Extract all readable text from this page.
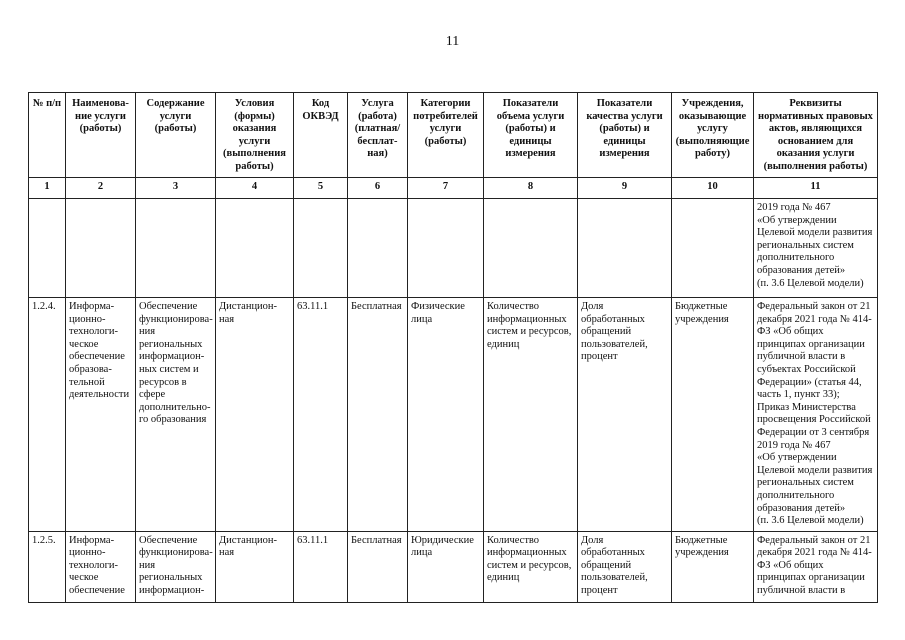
11
№ п/п	Наименова-ние услуги (работы)	Содержание услуги (работы)	Условия (формы) оказания услуги (выполнения работы)	Код ОКВЭД	Услуга (работа) (платная/ бесплат-ная)	Категории потребителей услуги (работы)	Показатели объема услуги (работы) и единицы измерения	Показатели качества услуги (работы) и единицы измерения	Учреждения, оказывающие услугу (выполняющие работу)	Реквизиты нормативных правовых актов, являющихся основанием для оказания услуги (выполнения работы)
1	2	3	4	5	6	7	8	9	10	11
										2019 года № 467
«Об утверждении Целевой модели развития региональных систем дополнительного образования детей»
(п. 3.6 Целевой модели)
1.2.4.	Информа-ционно-технологи-ческое обеспечение образова-тельной деятельности	Обеспечение функционирова-ния региональных информацион-ных систем и ресурсов в сфере дополнительно-го образования	Дистанцион-ная	63.11.1	Бесплатная	Физические лица	Количество информационных систем и ресурсов, единиц	Доля обработанных обращений пользователей, процент	Бюджетные учреждения	Федеральный закон от 21 декабря 2021 года № 414-ФЗ «Об общих принципах организации публичной власти в субъектах Российской Федерации» (статья 44, часть 1, пункт 33);
Приказ Министерства просвещения Российской Федерации от 3 сентября 2019 года № 467
«Об утверждении Целевой модели развития региональных систем дополнительного образования детей»
(п. 3.6 Целевой модели)
1.2.5.	Информа-ционно-технологи-ческое обеспечение	Обеспечение функционирова-ния региональных информацион-	Дистанцион-ная	63.11.1	Бесплатная	Юридические лица	Количество информационных систем и ресурсов, единиц	Доля обработанных обращений пользователей, процент	Бюджетные учреждения	Федеральный закон от 21 декабря 2021 года № 414-ФЗ «Об общих принципах организации публичной власти в
